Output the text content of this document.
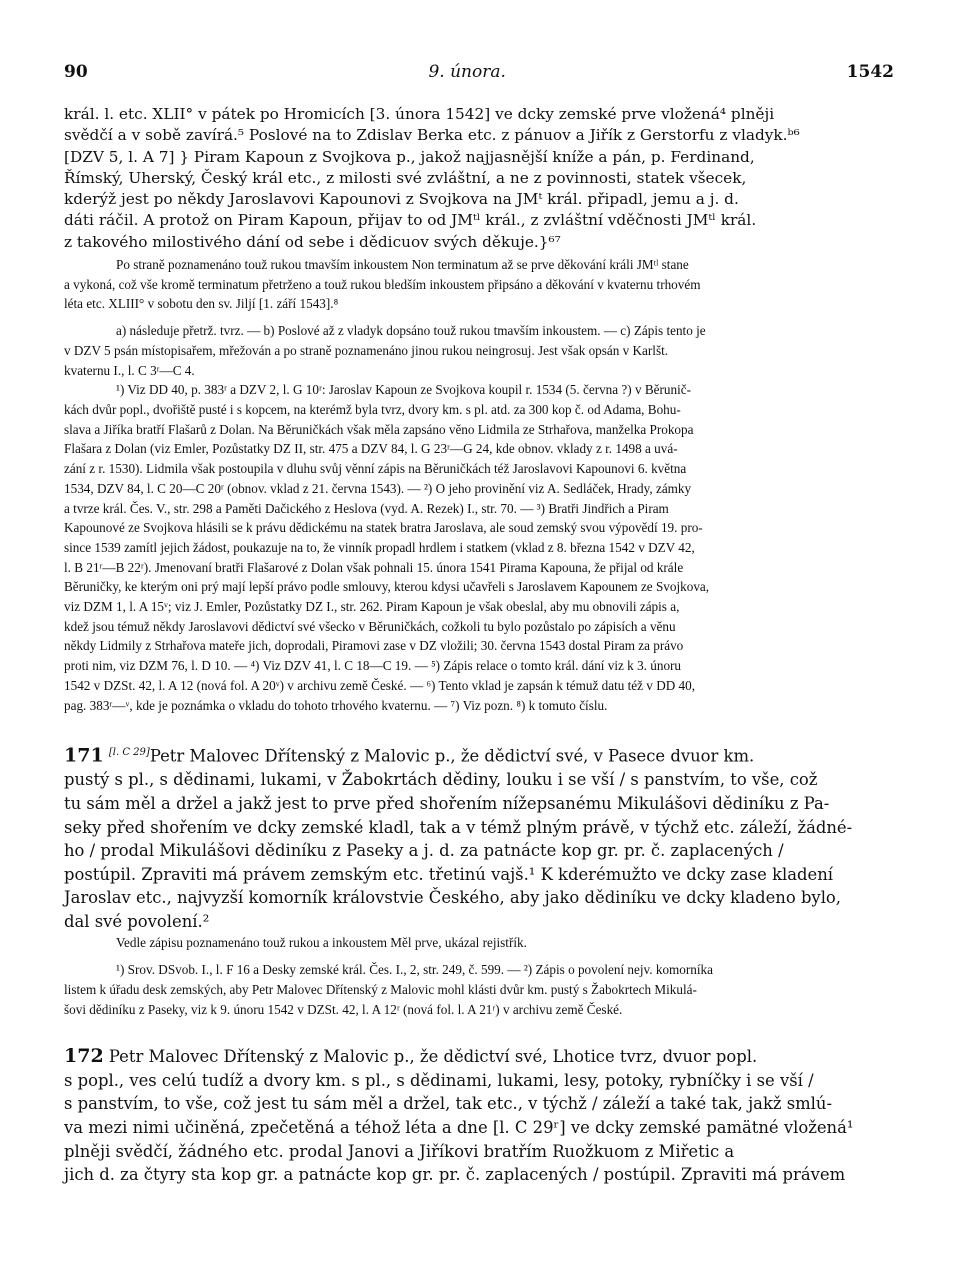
90	9. února.	1542

král. l. etc. XLII° v pátek po Hromicích [3. února 1542] ve dcky zemské prve vložená⁴ plněji

svědčí a v sobě zavírá.⁵ Poslové na to Zdislav Berka etc. z pánuov a Jiřík z Gerstorfu z vladyk.ᵇ⁶

[DZV 5, l. A 7] } Piram Kapoun z Svojkova p., jakož najjasnější kníže a pán, p. Ferdinand,

Římský, Uherský, Český král etc., z milosti své zvláštní, a ne z povinnosti, statek všecek,

kderýž jest po někdy Jaroslavovi Kapounovi z Svojkova na JMᵗ král. připadl, jemu a j. d.

dáti ráčil. A protož on Piram Kapoun, přijav to od JMᵗˡ král., z zvláštní vděčnosti JMᵗˡ král.

z takového milostivého dání od sebe i dědicuov svých děkuje.}⁶⁷

Po straně poznamenáno touž rukou tmavším inkoustem Non terminatum až se prve děkování králi JMᵗˡ stane

a vykoná, což vše kromě terminatum přetrženo a touž rukou bledším inkoustem připsáno a děkování v kvaternu trhovém

léta etc. XLIII° v sobotu den sv. Jiljí [1. září 1543].⁸

a) následuje přetrž. tvrz. — b) Poslové až z vladyk dopsáno touž rukou tmavším inkoustem. — c) Zápis tento je

v DZV 5 psán místopisařem, mřežován a po straně poznamenáno jinou rukou neingrosuj. Jest však opsán v Karlšt.

kvaternu I., l. C 3ʳ—C 4.

¹) Viz DD 40, p. 383ʳ a DZV 2, l. G 10ʳ: Jaroslav Kapoun ze Svojkova koupil r. 1534 (5. června ?) v Běrunič-

kách dvůr popl., dvořiště pusté i s kopcem, na kterémž byla tvrz, dvory km. s pl. atd. za 300 kop č. od Adama, Bohu-

slava a Jiříka bratří Flašarů z Dolan. Na Běruničkách však měla zapsáno věno Lidmila ze Strhařova, manželka Prokopa

Flašara z Dolan (viz Emler, Pozůstatky DZ II, str. 475 a DZV 84, l. G 23ʳ—G 24, kde obnov. vklady z r. 1498 a uvá-

zání z r. 1530). Lidmila však postoupila v dluhu svůj věnní zápis na Běruničkách též Jaroslavovi Kapounovi 6. května

1534, DZV 84, l. C 20—C 20ʳ (obnov. vklad z 21. června 1543). — ²) O jeho provinění viz A. Sedláček, Hrady, zámky

a tvrze král. Čes. V., str. 298 a Paměti Dačického z Heslova (vyd. A. Rezek) I., str. 70. — ³) Bratři Jindřich a Piram

Kapounové ze Svojkova hlásili se k právu dědickému na statek bratra Jaroslava, ale soud zemský svou výpovědí 19. pro-

since 1539 zamítl jejich žádost, poukazuje na to, že vinník propadl hrdlem i statkem (vklad z 8. března 1542 v DZV 42,

l. B 21ʳ—B 22ʳ). Jmenovaní bratři Flašarové z Dolan však pohnali 15. února 1541 Pirama Kapouna, že přijal od krále

Běruničky, ke kterým oni prý mají lepší právo podle smlouvy, kterou kdysi učavřeli s Jaroslavem Kapounem ze Svojkova,

viz DZM 1, l. A 15ᵛ; viz J. Emler, Pozůstatky DZ I., str. 262. Piram Kapoun je však obeslal, aby mu obnovili zápis a,

kdež jsou témuž někdy Jaroslavovi dědictví své všecko v Běruničkách, cožkoli tu bylo pozůstalo po zápisích a věnu

někdy Lidmily z Strhařova mateře jich, doprodali, Piramovi zase v DZ vložili; 30. června 1543 dostal Piram za právo

proti nim, viz DZM 76, l. D 10. — ⁴) Viz DZV 41, l. C 18—C 19. — ⁵) Zápis relace o tomto král. dání viz k 3. únoru

1542 v DZSt. 42, l. A 12 (nová fol. A 20ᵛ) v archivu země České. — ⁶) Tento vklad je zapsán k témuž datu též v DD 40,

pag. 383ʳ—ᵛ, kde je poznámka o vkladu do tohoto trhového kvaternu. — ⁷) Viz pozn. ⁸) k tomuto číslu.

171 [l. C 29]Petr Malovec Dřítenský z Malovic p., že dědictví své, v Pasece dvuor km.

pustý s pl., s dědinami, lukami, v Žabokrtách dědiny, louku i se vší / s panstvím, to vše, což

tu sám měl a držel a jakž jest to prve před shořením nížepsanému Mikulášovi dědiníku z Pa-

seky před shořením ve dcky zemské kladl, tak a v témž plným právě, v týchž etc. záleží, žádné-

ho / prodal Mikulášovi dědiníku z Paseky a j. d. za patnácte kop gr. pr. č. zaplacených /

postúpil. Zpraviti má právem zemským etc. třetinú vajš.¹ K kderémužto ve dcky zase kladení

Jaroslav etc., najvyzší komorník královstvie Českého, aby jako dědiníku ve dcky kladeno bylo,

dal své povolení.²

Vedle zápisu poznamenáno touž rukou a inkoustem Měl prve, ukázal rejistřík.

¹) Srov. DSvob. I., l. F 16 a Desky zemské král. Čes. I., 2, str. 249, č. 599. — ²) Zápis o povolení nejv. komorníka

listem k úřadu desk zemských, aby Petr Malovec Dřítenský z Malovic mohl klásti dvůr km. pustý s Žabokrtech Mikulá-

šovi dědiníku z Paseky, viz k 9. únoru 1542 v DZSt. 42, l. A 12ʳ (nová fol. l. A 21ʳ) v archivu země České.

172 Petr Malovec Dřítenský z Malovic p., že dědictví své, Lhotice tvrz, dvuor popl.

s popl., ves celú tudíž a dvory km. s pl., s dědinami, lukami, lesy, potoky, rybníčky i se vší /

s panstvím, to vše, což jest tu sám měl a držel, tak etc., v týchž / záleží a také tak, jakž smlú-

va mezi nimi učiněná, zpečetěná a téhož léta a dne [l. C 29ʳ] ve dcky zemské pamätné vložená¹

plněji svědčí, žádného etc. prodal Janovi a Jiříkovi bratřím Ruožkuom z Miřetic a

jich d. za čtyry sta kop gr. a patnácte kop gr. pr. č. zaplacených / postúpil. Zpraviti má právem
